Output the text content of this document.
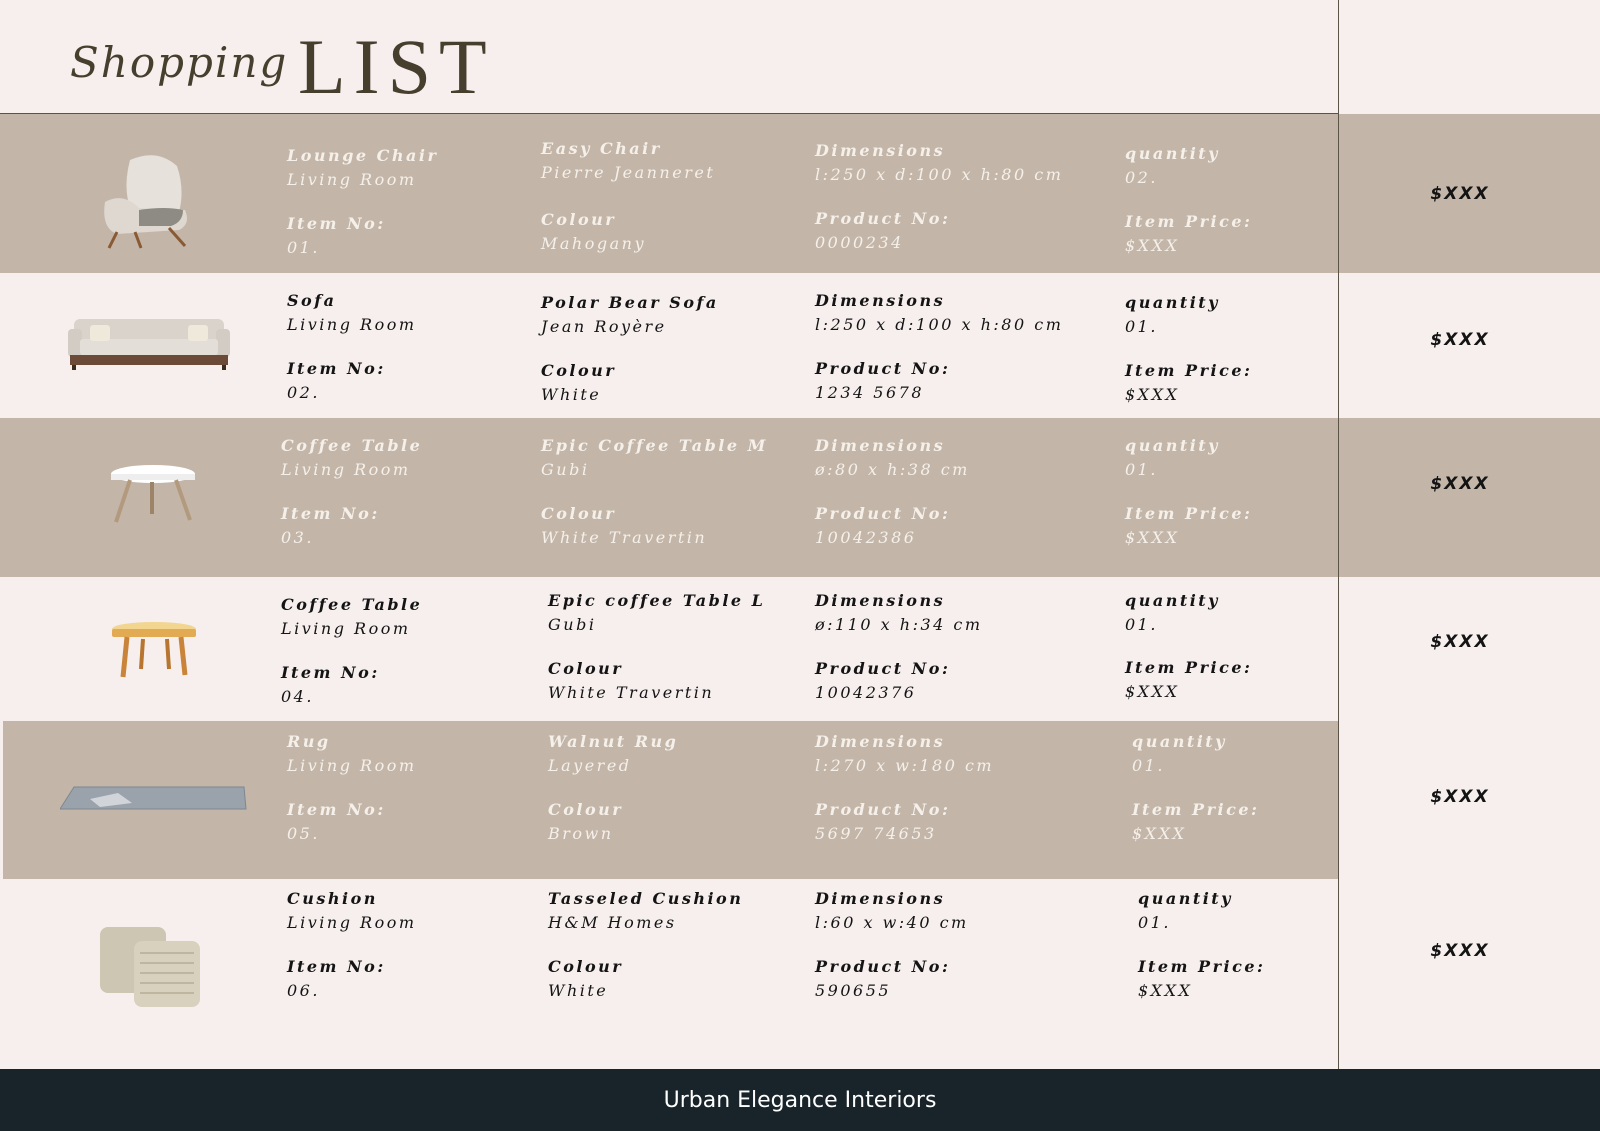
Shopping LIST
Lounge Chair
Living Room
Item No:
01.
Easy Chair
Pierre Jeanneret
Colour
Mahogany
Dimensions
l:250 x d:100 x h:80 cm
Product No:
0000234
quantity
02.
Item Price:
$XXX
$XXX
Sofa
Living Room
Item No:
02.
Polar Bear Sofa
Jean Royère
Colour
White
Dimensions
l:250 x d:100 x h:80 cm
Product No:
1234 5678
quantity
01.
Item Price:
$XXX
$XXX
Coffee Table
Living Room
Item No:
03.
Epic Coffee Table M
Gubi
Colour
White Travertin
Dimensions
ø:80 x h:38 cm
Product No:
10042386
quantity
01.
Item Price:
$XXX
$XXX
Coffee Table
Living Room
Item No:
04.
Epic coffee Table L
Gubi
Colour
White Travertin
Dimensions
ø:110 x h:34 cm
Product No:
10042376
quantity
01.
Item Price:
$XXX
$XXX
Rug
Living Room
Item No:
05.
Walnut Rug
Layered
Colour
Brown
Dimensions
l:270 x w:180 cm
Product No:
5697 74653
quantity
01.
Item Price:
$XXX
$XXX
Cushion
Living Room
Item No:
06.
Tasseled Cushion
H&M Homes
Colour
White
Dimensions
l:60 x w:40 cm
Product No:
590655
quantity
01.
Item Price:
$XXX
$XXX
Urban Elegance Interiors
